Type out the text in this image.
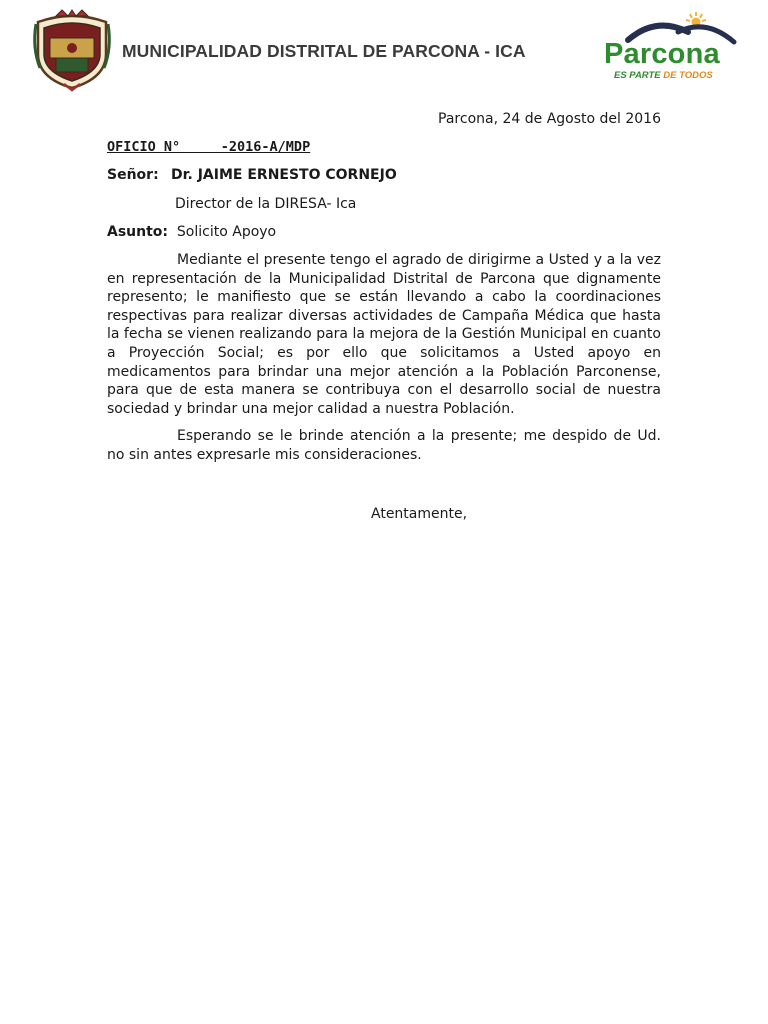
MUNICIPALIDAD DISTRITAL DE PARCONA - ICA	Parcona
ES PARTE DE TODOS
Parcona, 24 de Agosto del 2016
OFICIO N°     -2016-A/MDP
Señor: Dr. JAIME ERNESTO CORNEJO
Director de la DIRESA- Ica
Asunto: Solicito Apoyo

Mediante el presente tengo el agrado de dirigirme a Usted y a la vez en representación de la Municipalidad Distrital de Parcona que dignamente represento; le manifiesto que se están llevando a cabo la coordinaciones respectivas para realizar diversas actividades de Campaña Médica que hasta la fecha se vienen realizando para la mejora de la Gestión Municipal en cuanto a Proyección Social; es por ello que solicitamos a Usted apoyo en medicamentos para brindar una mejor atención a la Población Parconense, para que de esta manera se contribuya con el desarrollo social de nuestra sociedad y brindar una mejor calidad a nuestra Población.

Esperando se le brinde atención a la presente; me despido de Ud. no sin antes expresarle mis consideraciones.

Atentamente,
